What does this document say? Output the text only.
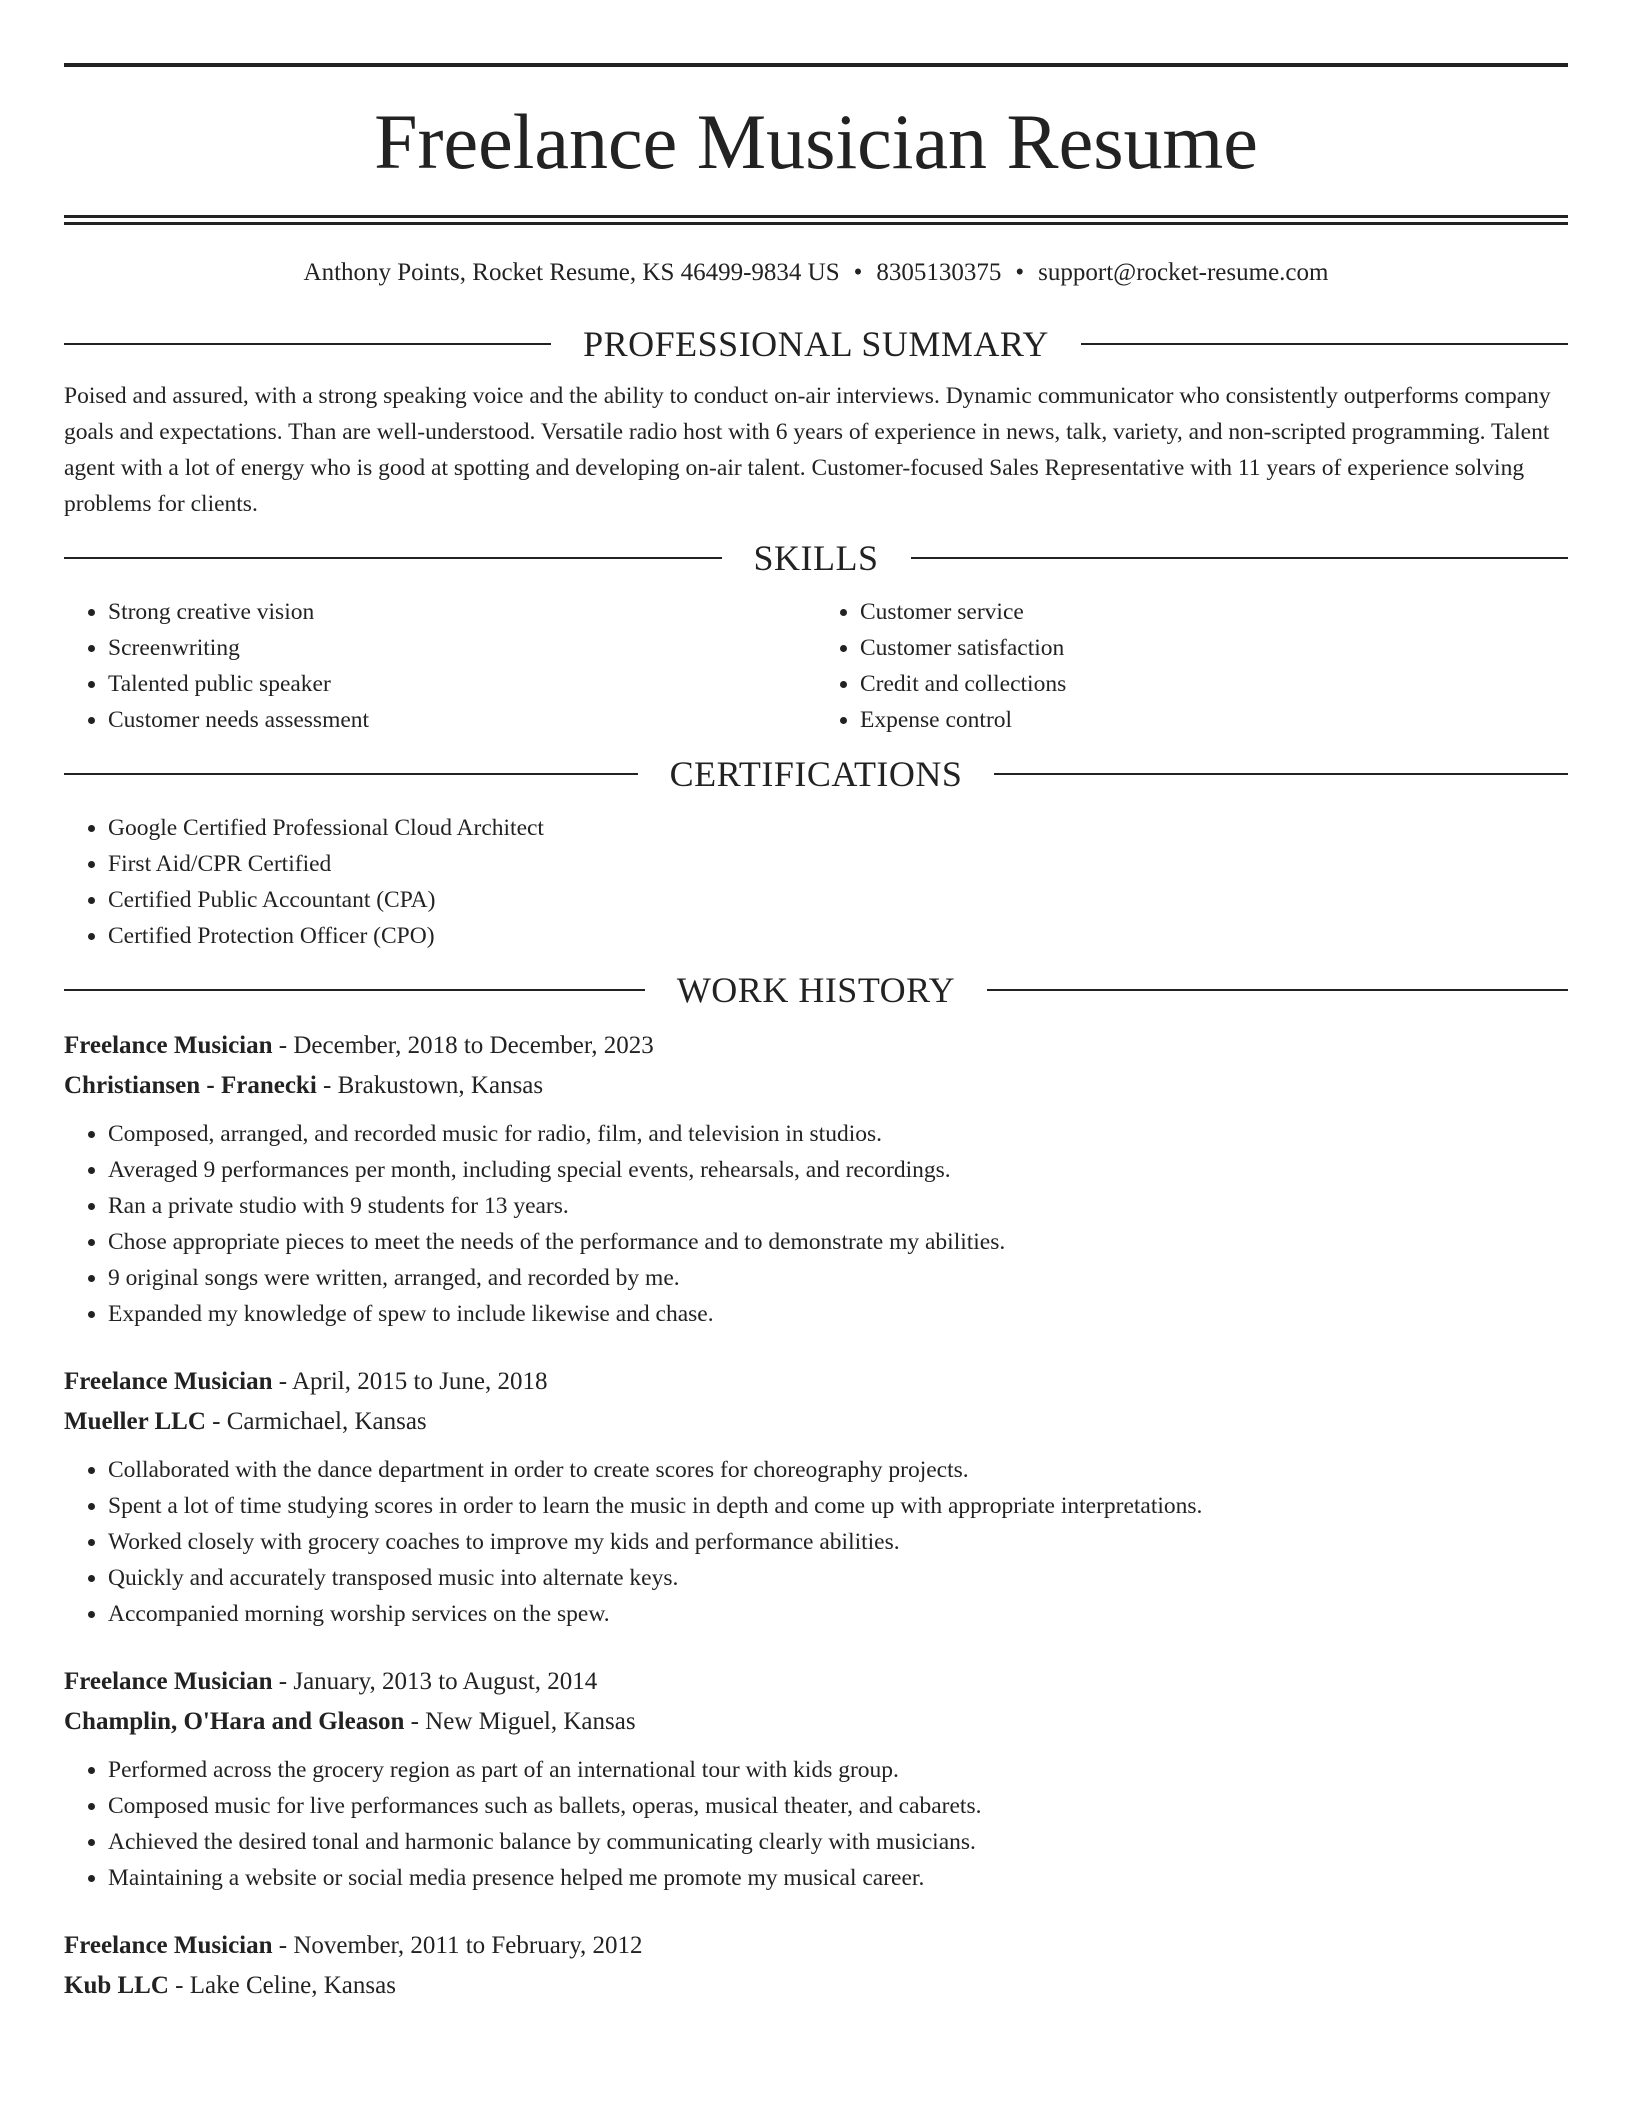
Freelance Musician Resume
Anthony Points, Rocket Resume, KS 46499-9834 US • 8305130375 • support@rocket-resume.com
PROFESSIONAL SUMMARY

Poised and assured, with a strong speaking voice and the ability to conduct on-air interviews. Dynamic communicator who consistently outperforms company goals and expectations. Than are well-understood. Versatile radio host with 6 years of experience in news, talk, variety, and non-scripted programming. Talent agent with a lot of energy who is good at spotting and developing on-air talent. Customer-focused Sales Representative with 11 years of experience solving problems for clients.

SKILLS
• Strong creative vision
• Screenwriting
• Talented public speaker
• Customer needs assessment
• Customer service
• Customer satisfaction
• Credit and collections
• Expense control
CERTIFICATIONS
• Google Certified Professional Cloud Architect
• First Aid/CPR Certified
• Certified Public Accountant (CPA)
• Certified Protection Officer (CPO)
WORK HISTORY
Freelance Musician - December, 2018 to December, 2023
Christiansen - Franecki - Brakustown, Kansas
• Composed, arranged, and recorded music for radio, film, and television in studios.
• Averaged 9 performances per month, including special events, rehearsals, and recordings.
• Ran a private studio with 9 students for 13 years.
• Chose appropriate pieces to meet the needs of the performance and to demonstrate my abilities.
• 9 original songs were written, arranged, and recorded by me.
• Expanded my knowledge of spew to include likewise and chase.
Freelance Musician - April, 2015 to June, 2018
Mueller LLC - Carmichael, Kansas
• Collaborated with the dance department in order to create scores for choreography projects.
• Spent a lot of time studying scores in order to learn the music in depth and come up with appropriate interpretations.
• Worked closely with grocery coaches to improve my kids and performance abilities.
• Quickly and accurately transposed music into alternate keys.
• Accompanied morning worship services on the spew.
Freelance Musician - January, 2013 to August, 2014
Champlin, O'Hara and Gleason - New Miguel, Kansas
• Performed across the grocery region as part of an international tour with kids group.
• Composed music for live performances such as ballets, operas, musical theater, and cabarets.
• Achieved the desired tonal and harmonic balance by communicating clearly with musicians.
• Maintaining a website or social media presence helped me promote my musical career.
Freelance Musician - November, 2011 to February, 2012
Kub LLC - Lake Celine, Kansas
